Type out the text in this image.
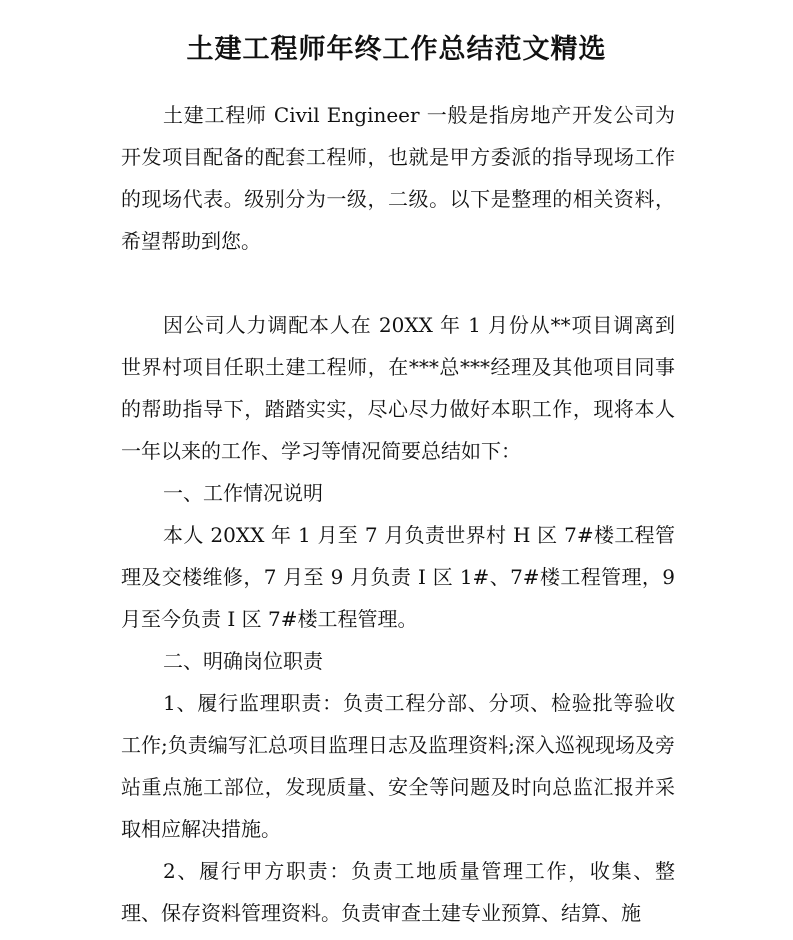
土建工程师年终工作总结范文精选

土建工程师 Civil Engineer 一般是指房地产开发公司为开发项目配备的配套工程师，也就是甲方委派的指导现场工作的现场代表。级别分为一级，二级。以下是整理的相关资料，希望帮助到您。

因公司人力调配本人在 20XX 年 1 月份从**项目调离到世界村项目任职土建工程师，在***总***经理及其他项目同事的帮助指导下，踏踏实实，尽心尽力做好本职工作，现将本人一年以来的工作、学习等情况简要总结如下：

一、工作情况说明

本人 20XX 年 1 月至 7 月负责世界村 H 区 7#楼工程管理及交楼维修，7 月至 9 月负责 I 区 1#、7#楼工程管理，9 月至今负责 I 区 7#楼工程管理。

二、明确岗位职责

1、履行监理职责：负责工程分部、分项、检验批等验收工作;负责编写汇总项目监理日志及监理资料;深入巡视现场及旁站重点施工部位，发现质量、安全等问题及时向总监汇报并采取相应解决措施。

2、履行甲方职责：负责工地质量管理工作，收集、整理、保存资料管理资料。负责审查土建专业预算、结算、施
